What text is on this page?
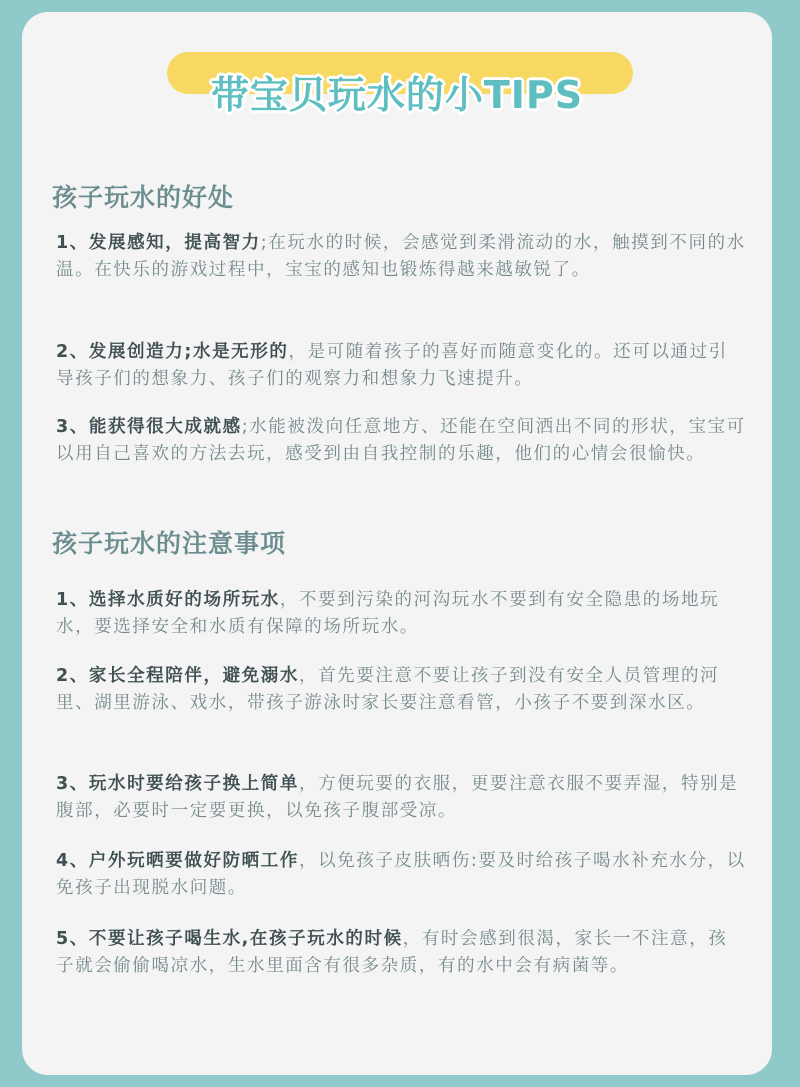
带宝贝玩水的小TIPS
孩子玩水的好处
1、发展感知，提高智力;在玩水的时候，会感觉到柔滑流动的水，触摸到不同的水温。在快乐的游戏过程中，宝宝的感知也锻炼得越来越敏锐了。
2、发展创造力;水是无形的，是可随着孩子的喜好而随意变化的。还可以通过引导孩子们的想象力、孩子们的观察力和想象力飞速提升。
3、能获得很大成就感;水能被泼向任意地方、还能在空间洒出不同的形状，宝宝可以用自己喜欢的方法去玩，感受到由自我控制的乐趣，他们的心情会很愉快。
孩子玩水的注意事项
1、选择水质好的场所玩水，不要到污染的河沟玩水不要到有安全隐患的场地玩水，要选择安全和水质有保障的场所玩水。
2、家长全程陪伴，避免溺水，首先要注意不要让孩子到没有安全人员管理的河里、湖里游泳、戏水，带孩子游泳时家长要注意看管，小孩子不要到深水区。
3、玩水时要给孩子换上简单，方便玩要的衣服，更要注意衣服不要弄湿，特别是腹部，必要时一定要更换，以免孩子腹部受凉。
4、户外玩晒要做好防晒工作，以免孩子皮肤晒伤:要及时给孩子喝水补充水分，以免孩子出现脱水问题。
5、不要让孩子喝生水,在孩子玩水的时候，有时会感到很渴，家长一不注意，孩子就会偷偷喝凉水，生水里面含有很多杂质，有的水中会有病菌等。
